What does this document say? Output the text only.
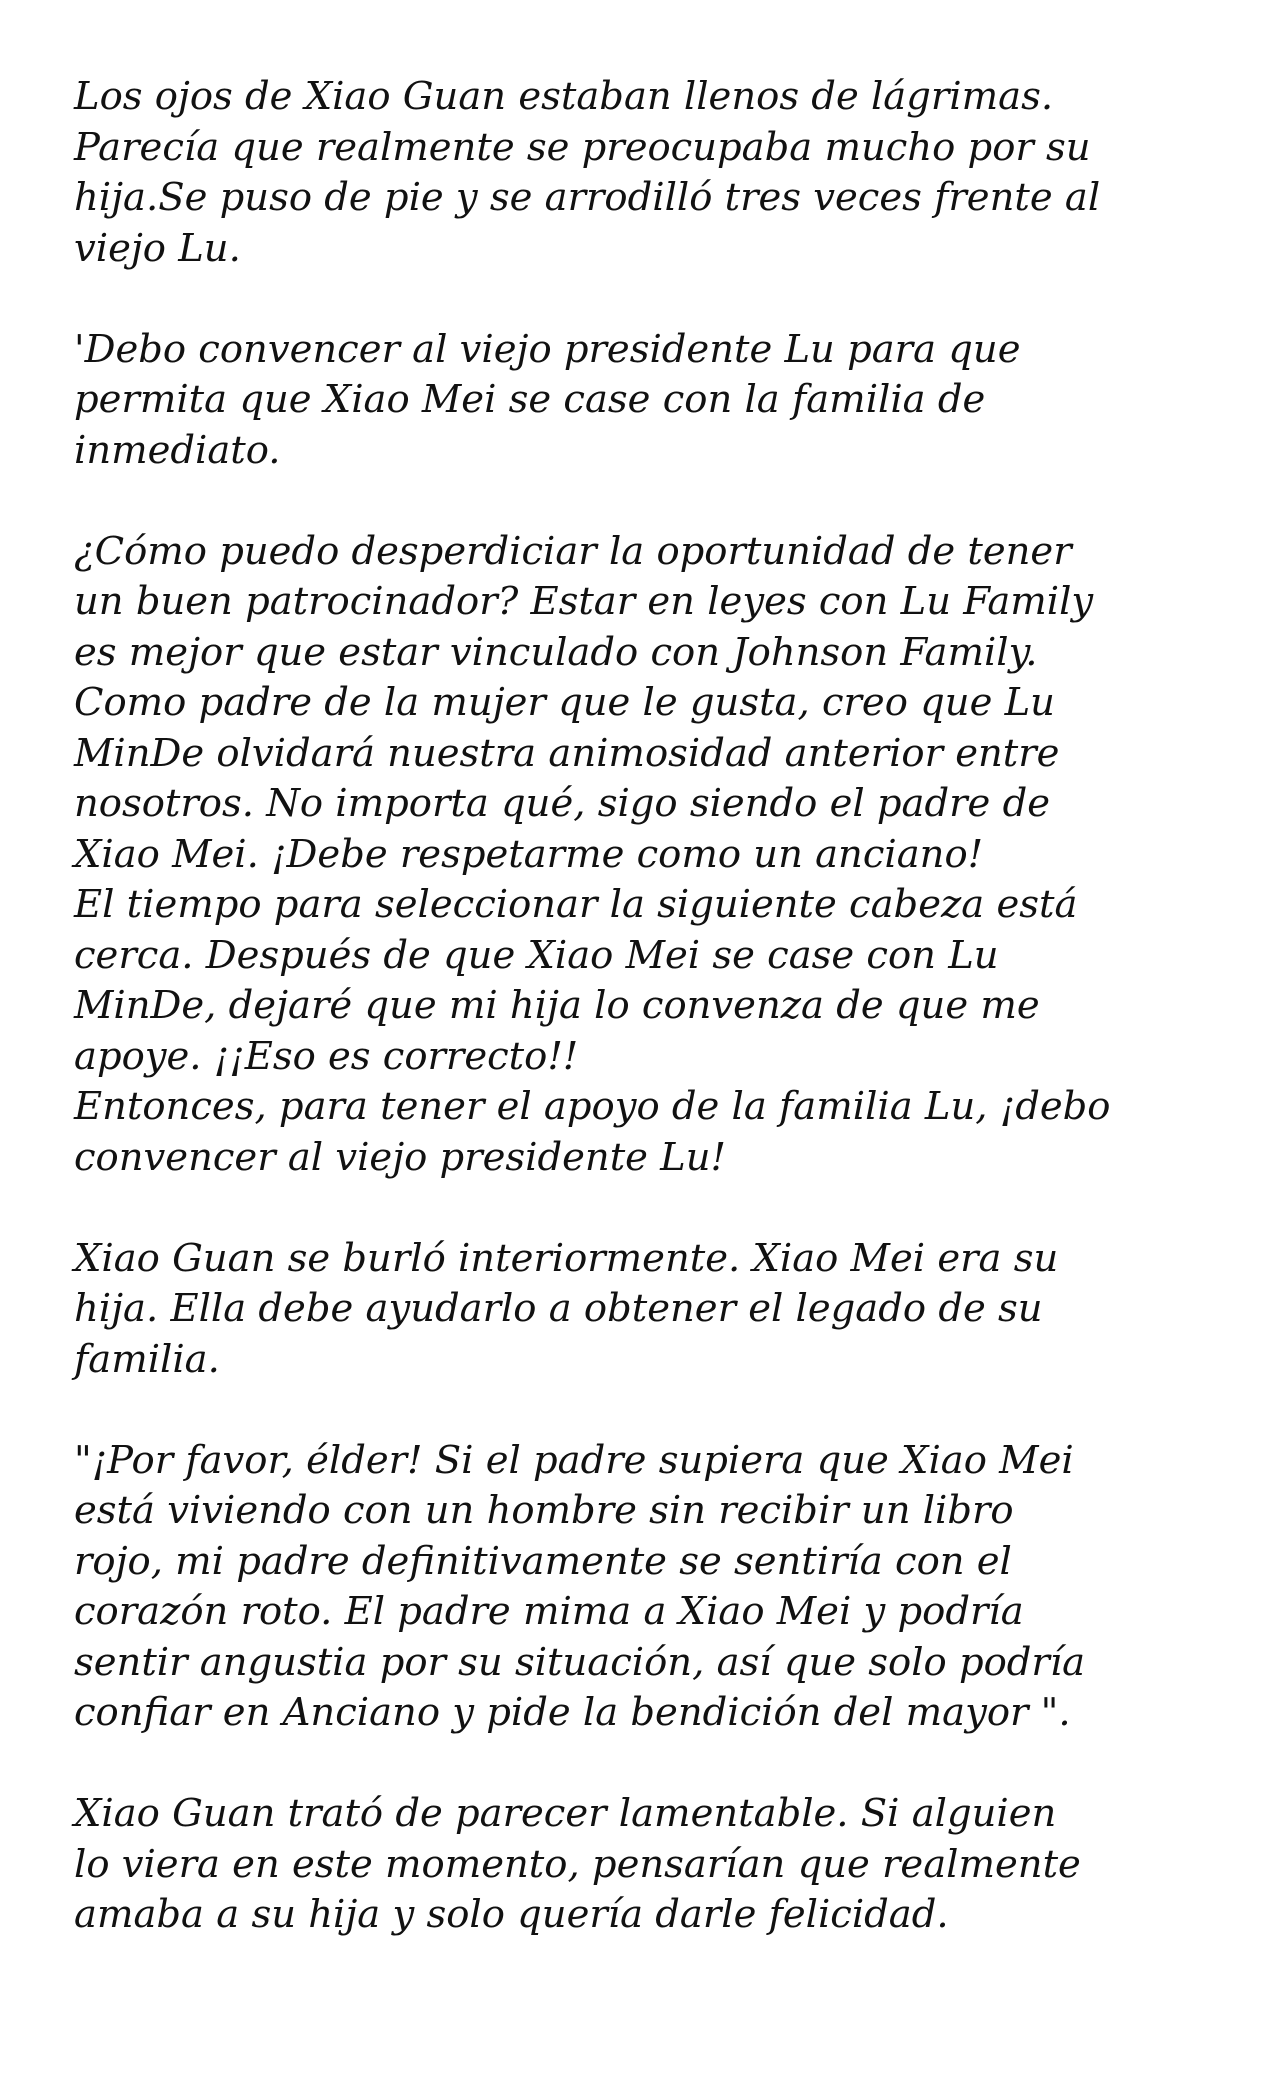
Los ojos de Xiao Guan estaban llenos de lágrimas.
Parecía que realmente se preocupaba mucho por su
hija.Se puso de pie y se arrodilló tres veces frente al
viejo Lu.

'Debo convencer al viejo presidente Lu para que
permita que Xiao Mei se case con la familia de
inmediato.

¿Cómo puedo desperdiciar la oportunidad de tener
un buen patrocinador? Estar en leyes con Lu Family
es mejor que estar vinculado con Johnson Family.
Como padre de la mujer que le gusta, creo que Lu
MinDe olvidará nuestra animosidad anterior entre
nosotros. No importa qué, sigo siendo el padre de
Xiao Mei. ¡Debe respetarme como un anciano!
El tiempo para seleccionar la siguiente cabeza está
cerca. Después de que Xiao Mei se case con Lu
MinDe, dejaré que mi hija lo convenza de que me
apoye. ¡¡Eso es correcto!!
Entonces, para tener el apoyo de la familia Lu, ¡debo
convencer al viejo presidente Lu!

Xiao Guan se burló interiormente. Xiao Mei era su
hija. Ella debe ayudarlo a obtener el legado de su
familia.

"¡Por favor, élder! Si el padre supiera que Xiao Mei
está viviendo con un hombre sin recibir un libro
rojo, mi padre definitivamente se sentiría con el
corazón roto. El padre mima a Xiao Mei y podría
sentir angustia por su situación, así que solo podría
confiar en Anciano y pide la bendición del mayor ".

Xiao Guan trató de parecer lamentable. Si alguien
lo viera en este momento, pensarían que realmente
amaba a su hija y solo quería darle felicidad.
